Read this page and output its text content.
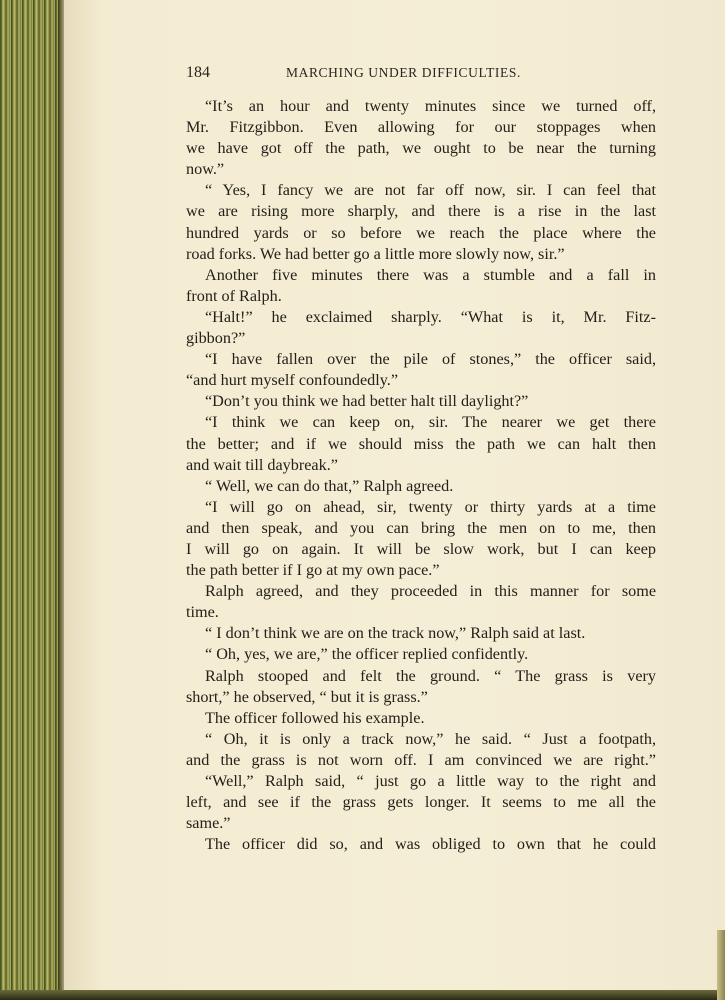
184	MARCHING UNDER DIFFICULTIES.
“It’s an hour and twenty minutes since we turned off,
Mr. Fitzgibbon. Even allowing for our stoppages when
we have got off the path, we ought to be near the turning
now.”
“ Yes, I fancy we are not far off now, sir. I can feel that
we are rising more sharply, and there is a rise in the last
hundred yards or so before we reach the place where the
road forks. We had better go a little more slowly now, sir.”
Another five minutes there was a stumble and a fall in
front of Ralph.
“Halt!” he exclaimed sharply. “What is it, Mr. Fitz-
gibbon?”
“I have fallen over the pile of stones,” the officer said,
“and hurt myself confoundedly.”
“Don’t you think we had better halt till daylight?”
“I think we can keep on, sir. The nearer we get there
the better; and if we should miss the path we can halt then
and wait till daybreak.”
“ Well, we can do that,” Ralph agreed.
“I will go on ahead, sir, twenty or thirty yards at a time
and then speak, and you can bring the men on to me, then
I will go on again. It will be slow work, but I can keep
the path better if I go at my own pace.”
Ralph agreed, and they proceeded in this manner for some
time.
“ I don’t think we are on the track now,” Ralph said at last.
“ Oh, yes, we are,” the officer replied confidently.
Ralph stooped and felt the ground. “ The grass is very
short,” he observed, “ but it is grass.”
The officer followed his example.
“ Oh, it is only a track now,” he said. “ Just a footpath,
and the grass is not worn off. I am convinced we are right.”
“Well,” Ralph said, “ just go a little way to the right and
left, and see if the grass gets longer. It seems to me all the
same.”
The officer did so, and was obliged to own that he could
